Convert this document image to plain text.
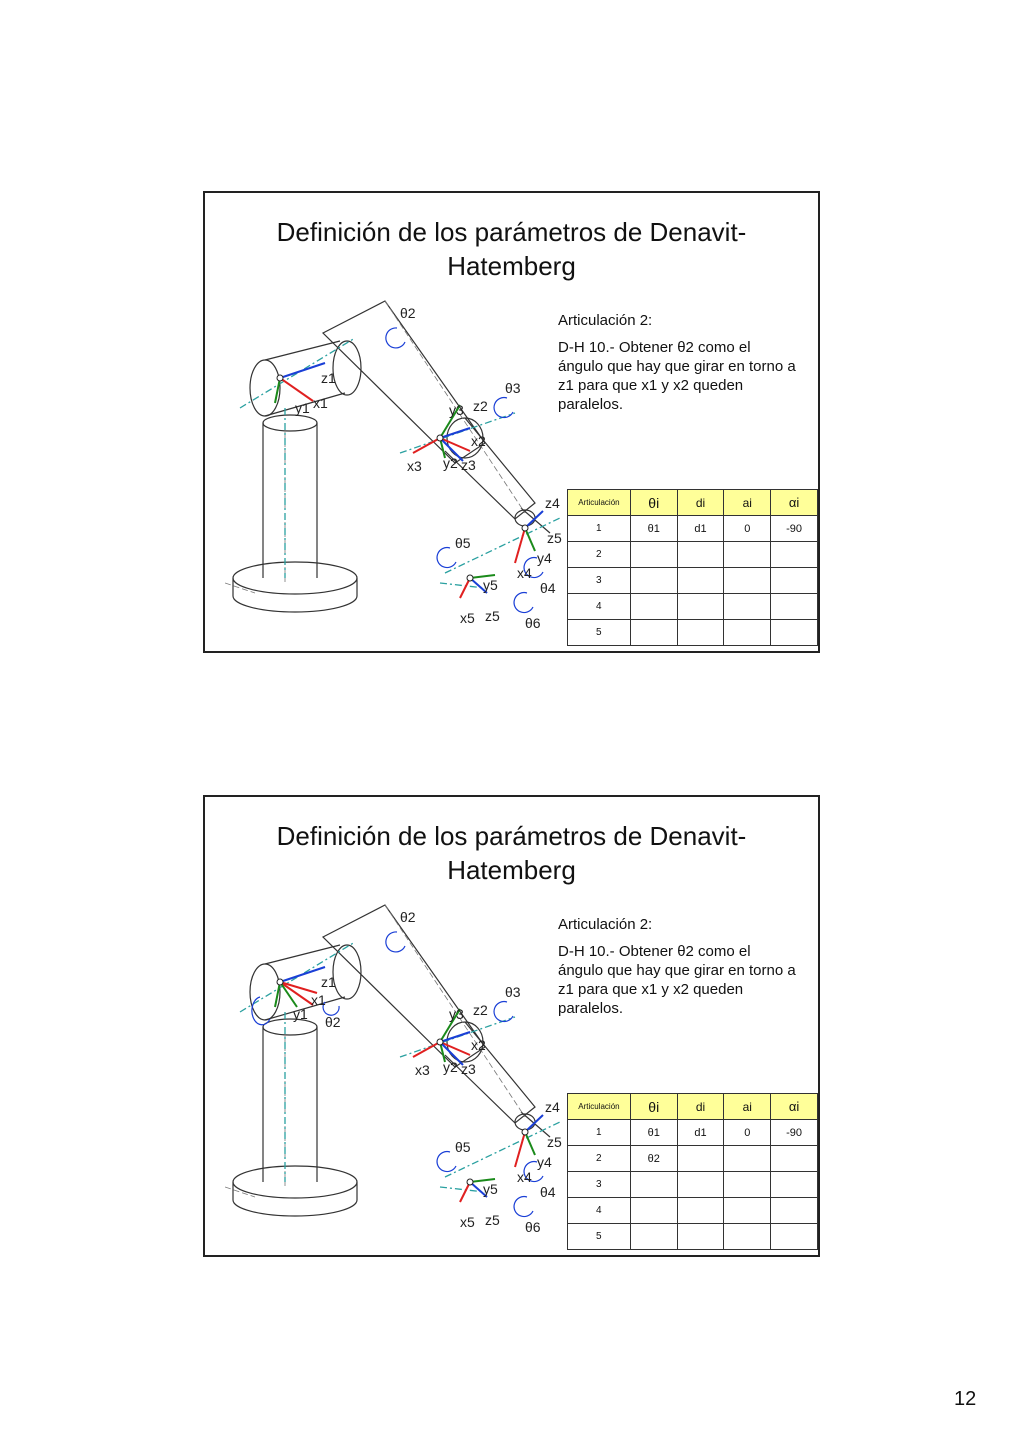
Definición de los parámetros de Denavit-
Hatemberg
θ2
θ3
θ4
θ5
θ6
z1
x1
y1	z2
x2
y2 z3
x3
y3
z4
x4
y4
z5
z5
x5
y5
Articulación 2:
D-H 10.- Obtener θ2 como el ángulo que hay que girar en torno a z1 para que x1 y x2 queden paralelos.
Articulación	θi	di	ai	αi
1	θ1	d1	0	-90
2				
3				
4				
5				
Definición de los parámetros de Denavit-
Hatemberg
θ2
θ2
θ3
θ4
θ5
θ6
z1
x1
y1	z2
x2
y2 z3
x3
y3
z4
x4
y4
z5
z5
x5
y5
Articulación 2:
D-H 10.- Obtener θ2 como el ángulo que hay que girar en torno a z1 para que x1 y x2 queden paralelos.
Articulación	θi	di	ai	αi
1	θ1	d1	0	-90
2	θ2			
3				
4				
5				
12
